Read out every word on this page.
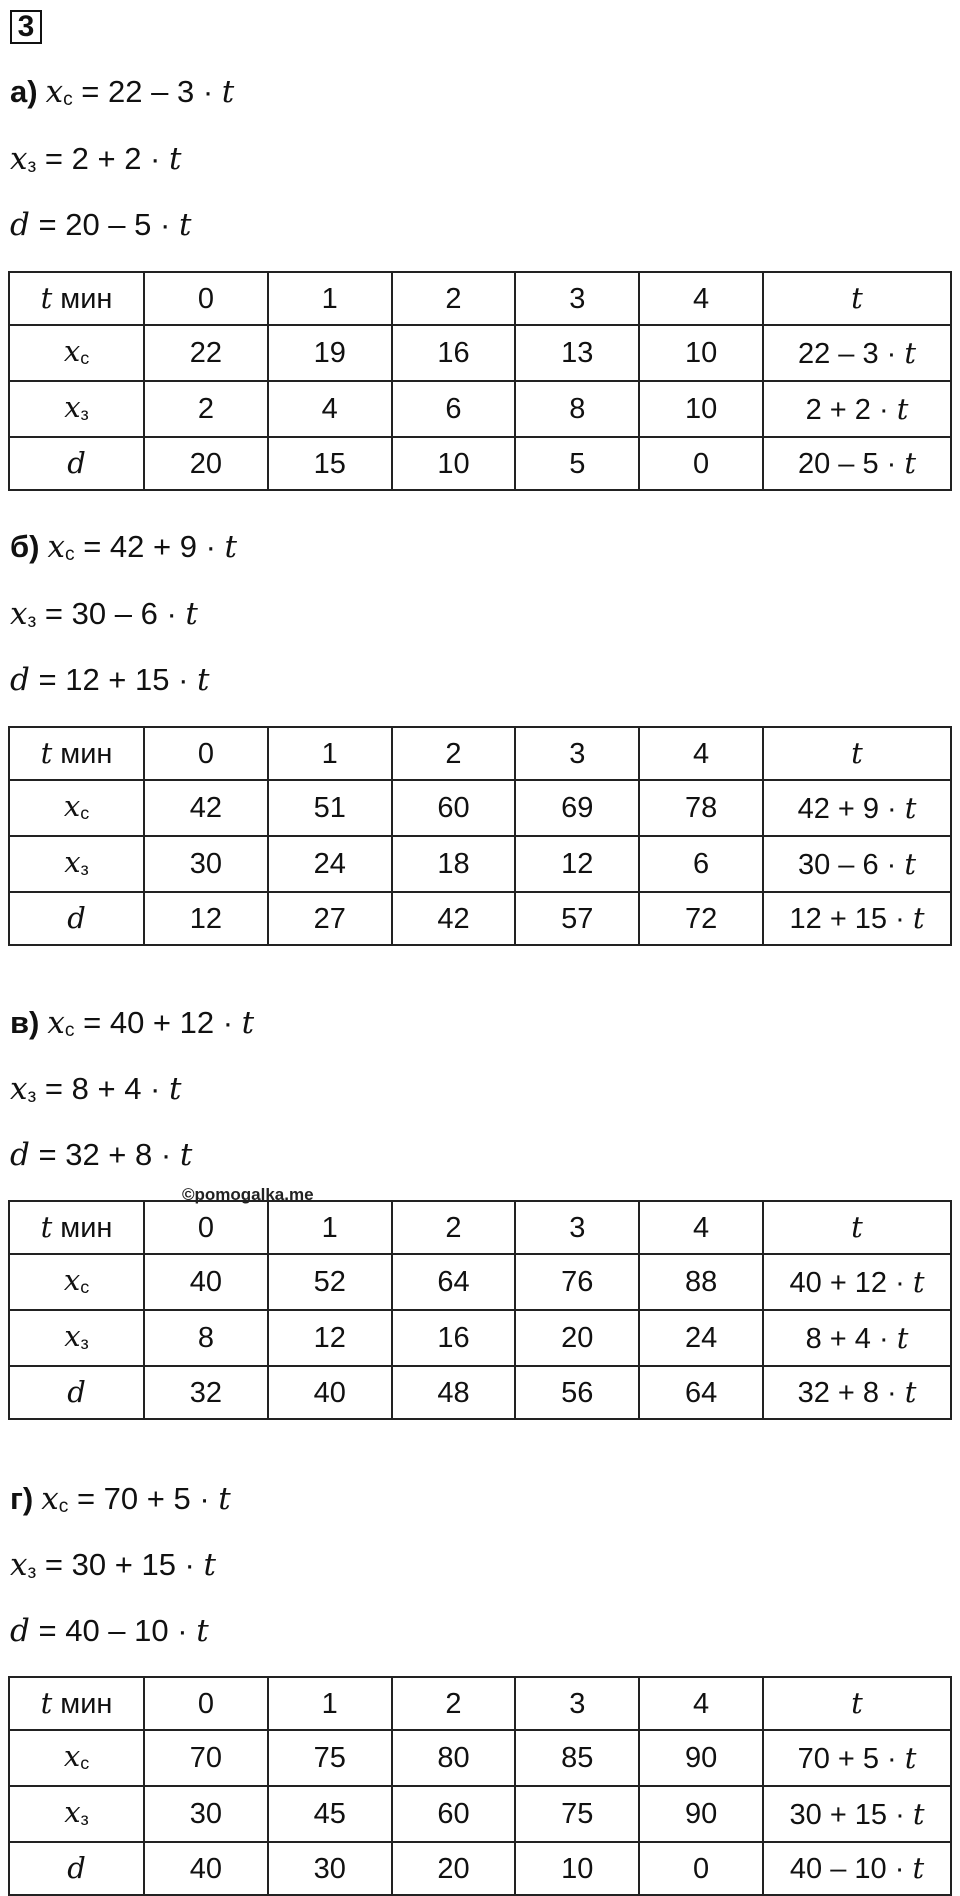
3
а) $x_с = 22 - 3 \cdot t$
$x_з = 2 + 2 \cdot t$
d = 20 – 5 · t
t мин	0	1	2	3	4	t
$x_с$	22	19	16	13	10	22 – 3 · t
$x_з$	2	4	6	8	10	2 + 2 · t
d	20	15	10	5	0	20 – 5 · t
б) $x_с = 42 + 9 \cdot t$
$x_з = 30 - 6 \cdot t$
d = 12 + 15 · t
t мин	0	1	2	3	4	t
$x_с$	42	51	60	69	78	42 + 9 · t
$x_з$	30	24	18	12	6	30 – 6 · t
d	12	27	42	57	72	12 + 15 · t
в) $x_с = 40 + 12 \cdot t$
$x_з = 8 + 4 \cdot t$
d = 32 + 8 · t
t мин	0	1	2	3	4	t
$x_с$	40	52	64	76	88	40 + 12 · t
$x_з$	8	12	16	20	24	8 + 4 · t
d	32	40	48	56	64	32 + 8 · t
г) $x_с = 70 + 5 \cdot t$
$x_з = 30 + 15 \cdot t$
d = 40 – 10 · t
t мин	0	1	2	3	4	t
$x_с$	70	75	80	85	90	70 + 5 · t
$x_з$	30	45	60	75	90	30 + 15 · t
d	40	30	20	10	0	40 – 10 · t
©pomogalka.me
